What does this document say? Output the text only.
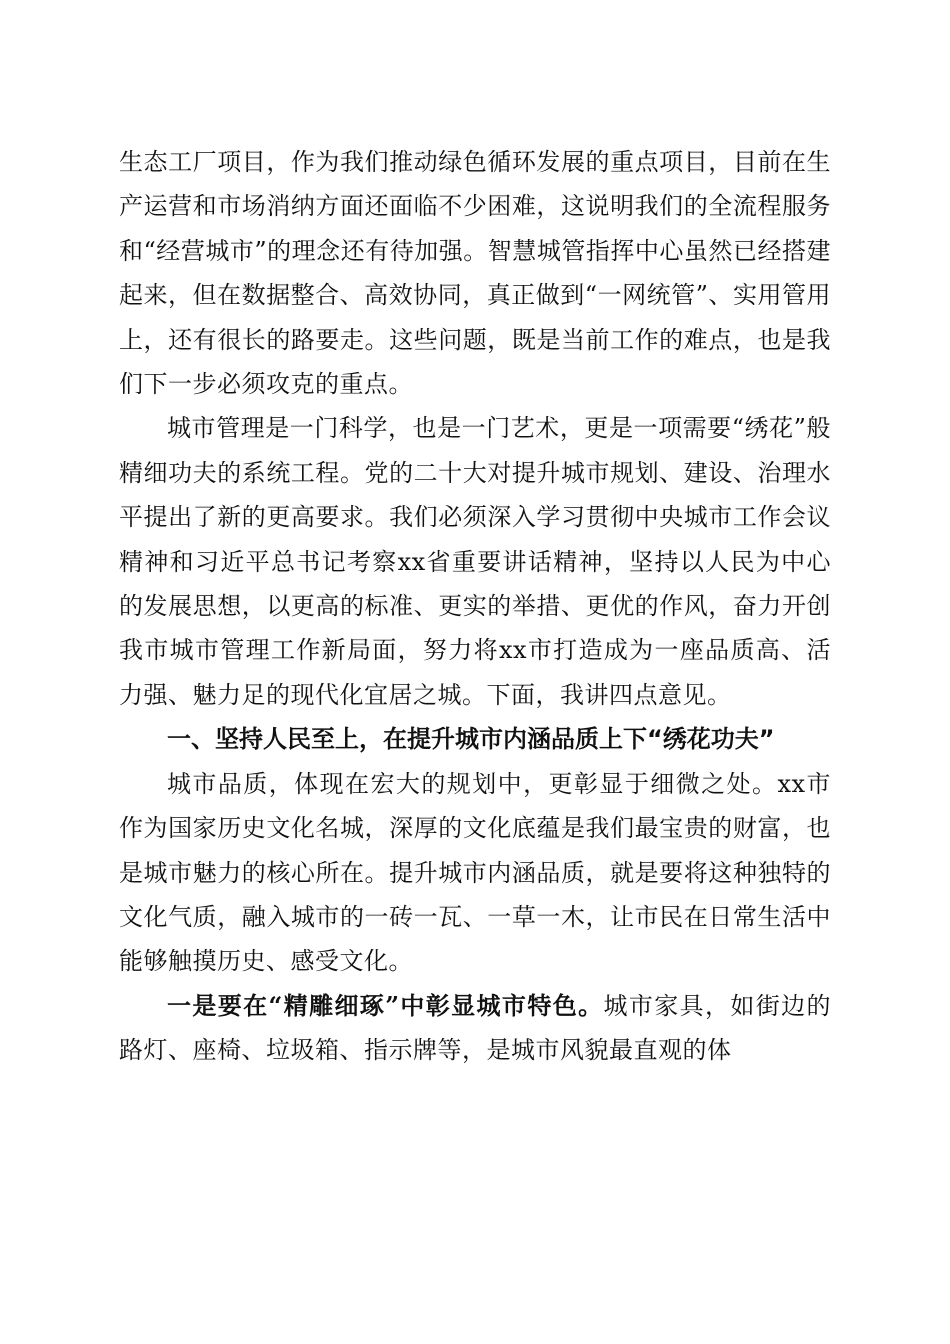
生态工厂项目，作为我们推动绿色循环发展的重点项目，目前在生产运营和市场消纳方面还面临不少困难，这说明我们的全流程服务和“经营城市”的理念还有待加强。智慧城管指挥中心虽然已经搭建起来，但在数据整合、高效协同，真正做到“一网统管”、实用管用上，还有很长的路要走。这些问题，既是当前工作的难点，也是我们下一步必须攻克的重点。

城市管理是一门科学，也是一门艺术，更是一项需要“绣花”般精细功夫的系统工程。党的二十大对提升城市规划、建设、治理水平提出了新的更高要求。我们必须深入学习贯彻中央城市工作会议精神和习近平总书记考察xx省重要讲话精神，坚持以人民为中心的发展思想，以更高的标准、更实的举措、更优的作风，奋力开创我市城市管理工作新局面，努力将xx市打造成为一座品质高、活力强、魅力足的现代化宜居之城。下面，我讲四点意见。

一、坚持人民至上，在提升城市内涵品质上下“绣花功夫”

城市品质，体现在宏大的规划中，更彰显于细微之处。xx市作为国家历史文化名城，深厚的文化底蕴是我们最宝贵的财富，也是城市魅力的核心所在。提升城市内涵品质，就是要将这种独特的文化气质，融入城市的一砖一瓦、一草一木，让市民在日常生活中能够触摸历史、感受文化。

一是要在“精雕细琢”中彰显城市特色。城市家具，如街边的路灯、座椅、垃圾箱、指示牌等，是城市风貌最直观的体
